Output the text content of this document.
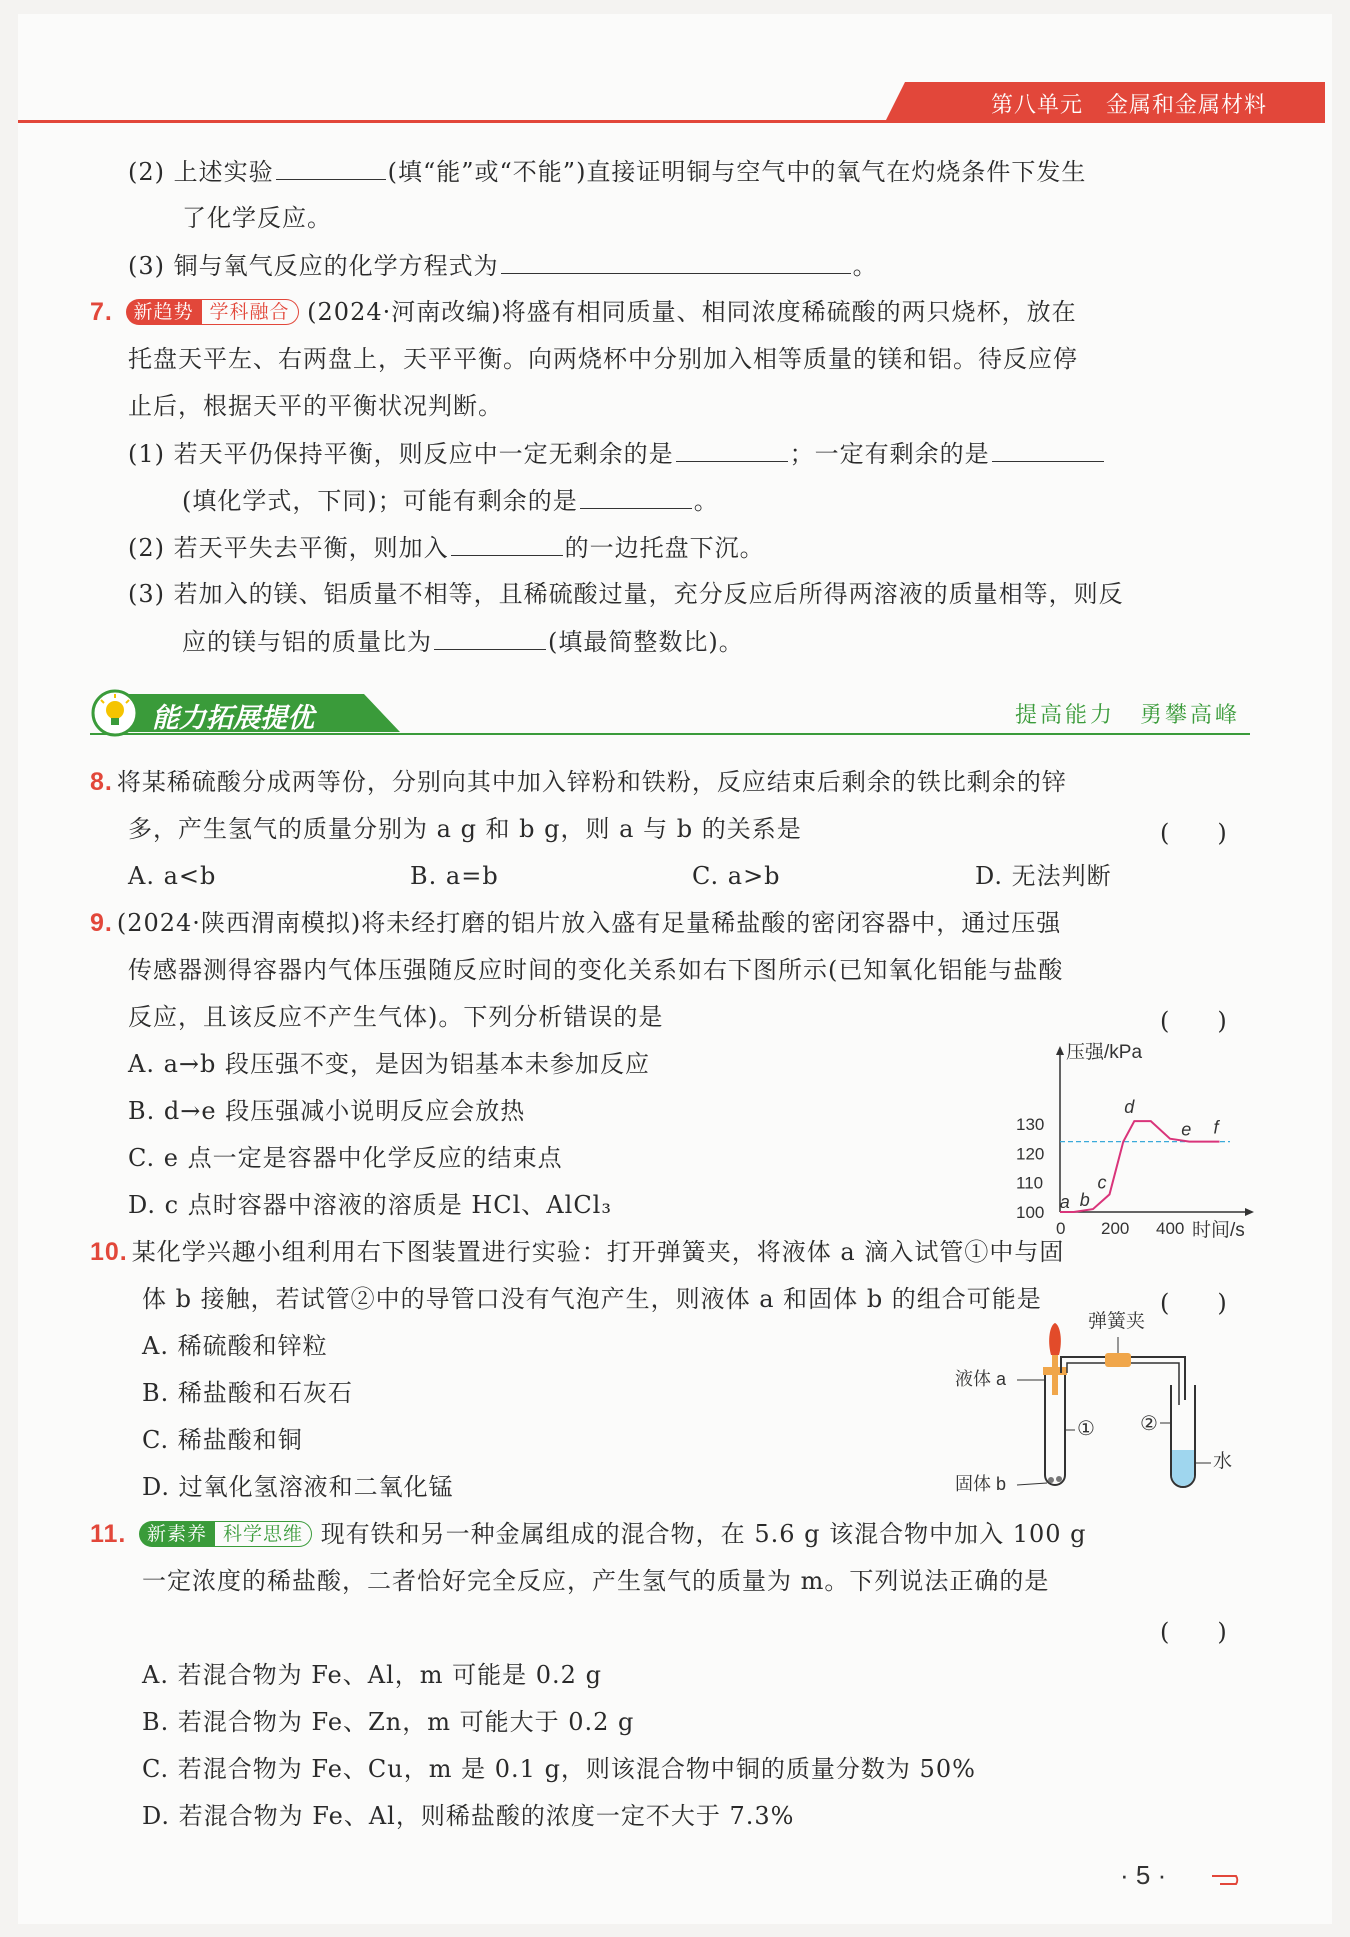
第八单元　金属和金属材料
(2) 上述实验	(填“能”或“不能”)直接证明铜与空气中的氧气在灼烧条件下发生
了化学反应。
(3) 铜与氧气反应的化学方程式为	。
7. 新趋势 学科融合 (2024·河南改编)将盛有相同质量、相同浓度稀硫酸的两只烧杯，放在
托盘天平左、右两盘上，天平平衡。向两烧杯中分别加入相等质量的镁和铝。待反应停
止后，根据天平的平衡状况判断。
(1) 若天平仍保持平衡，则反应中一定无剩余的是	；一定有剩余的是
(填化学式，下同)；可能有剩余的是	。
(2) 若天平失去平衡，则加入	的一边托盘下沉。
(3) 若加入的镁、铝质量不相等，且稀硫酸过量，充分反应后所得两溶液的质量相等，则反
应的镁与铝的质量比为	(填最简整数比)。
能力拓展提优	提高能力　勇攀高峰
8. 将某稀硫酸分成两等份，分别向其中加入锌粉和铁粉，反应结束后剩余的铁比剩余的锌
多，产生氢气的质量分别为 a g 和 b g，则 a 与 b 的关系是	(　　)
A. a<b	B. a=b	C. a>b	D. 无法判断
9. (2024·陕西渭南模拟)将未经打磨的铝片放入盛有足量稀盐酸的密闭容器中，通过压强
传感器测得容器内气体压强随反应时间的变化关系如右下图所示(已知氧化铝能与盐酸
反应，且该反应不产生气体)。下列分析错误的是	(　　)
A. a→b 段压强不变，是因为铝基本未参加反应
B. d→e 段压强减小说明反应会放热
C. e 点一定是容器中化学反应的结束点
D. c 点时容器中溶液的溶质是 HCl、AlCl₃
压强/kPa
时间/s
100
110
120
130
0 200 400
a b
c
d
e f
10. 某化学兴趣小组利用右下图装置进行实验：打开弹簧夹，将液体 a 滴入试管①中与固
体 b 接触，若试管②中的导管口没有气泡产生，则液体 a 和固体 b 的组合可能是	(　　)
A. 稀硫酸和锌粒
B. 稀盐酸和石灰石
C. 稀盐酸和铜
D. 过氧化氢溶液和二氧化锰
弹簧夹
液体 a
固体 b
① ②
水
11. 新素养 科学思维 现有铁和另一种金属组成的混合物，在 5.6 g 该混合物中加入 100 g
一定浓度的稀盐酸，二者恰好完全反应，产生氢气的质量为 m。下列说法正确的是
(　　)
A. 若混合物为 Fe、Al，m 可能是 0.2 g
B. 若混合物为 Fe、Zn，m 可能大于 0.2 g
C. 若混合物为 Fe、Cu，m 是 0.1 g，则该混合物中铜的质量分数为 50%
D. 若混合物为 Fe、Al，则稀盐酸的浓度一定不大于 7.3%
· 5 ·
